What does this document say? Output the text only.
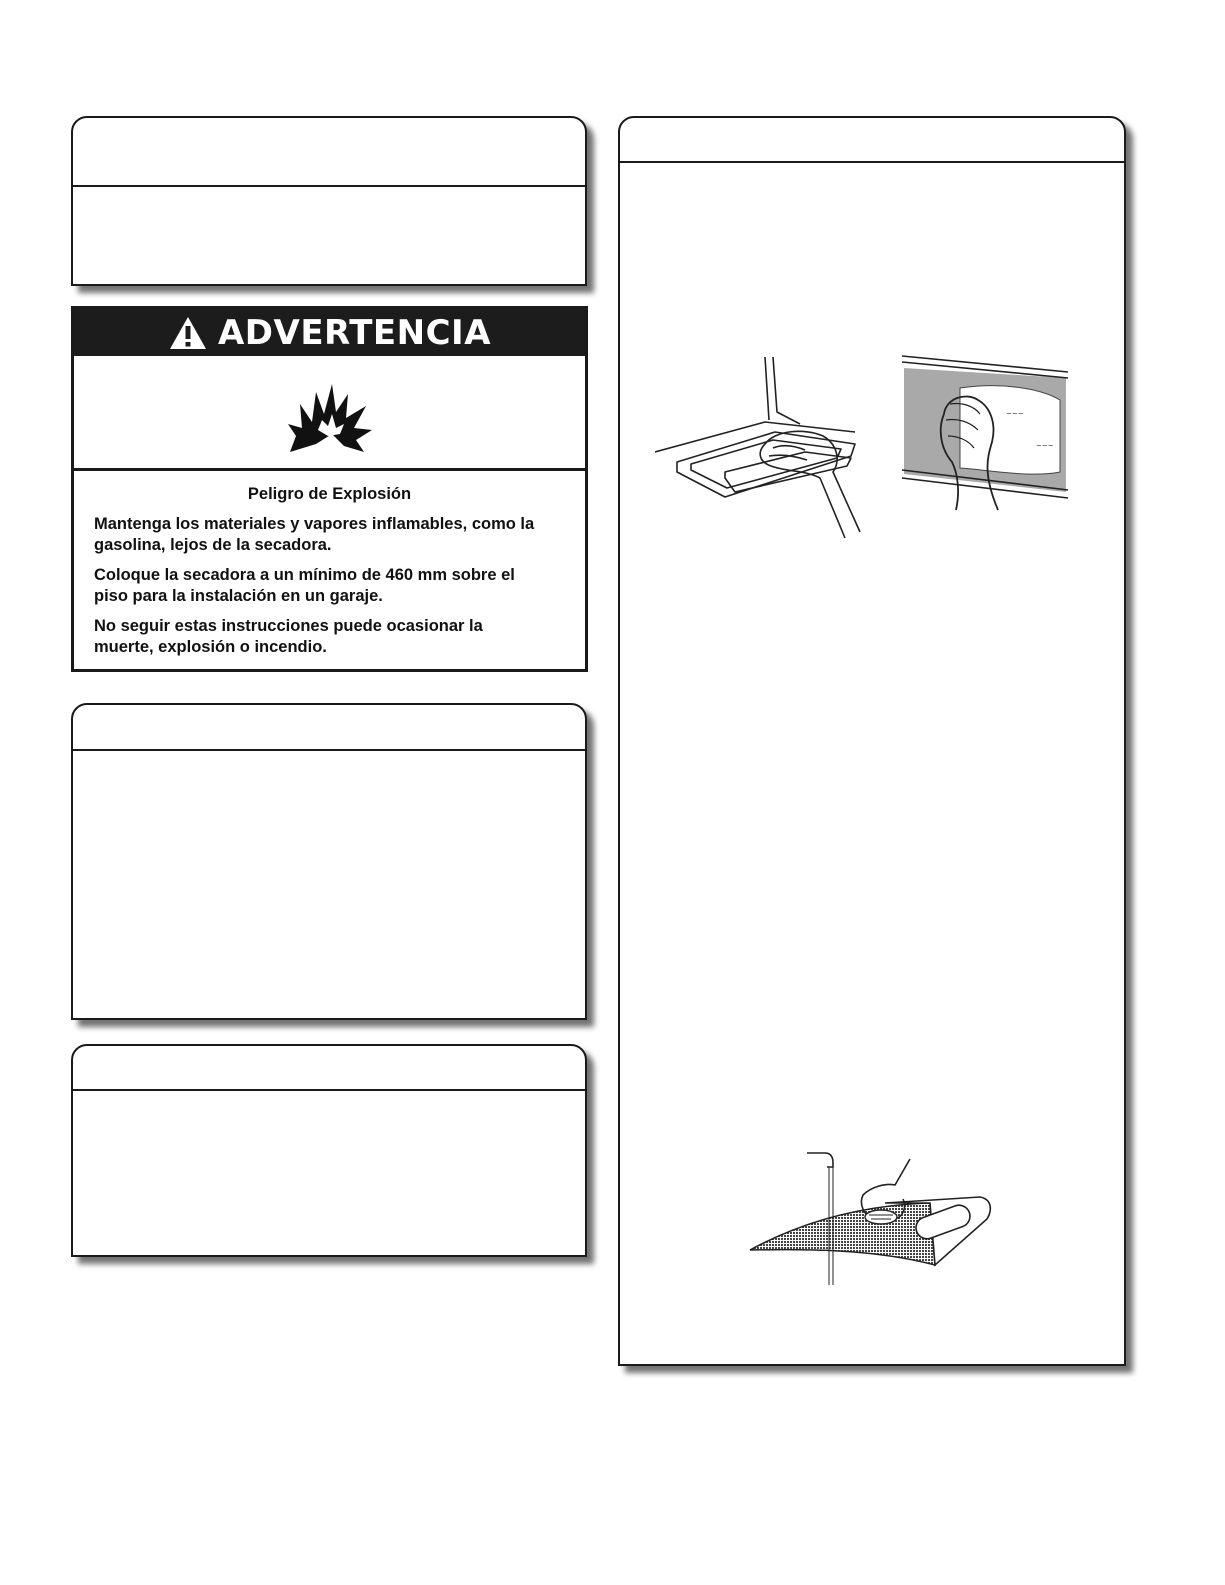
ADVERTENCIA
Peligro de Explosión

Mantenga los materiales y vapores inflamables, como la gasolina, lejos de la secadora.

Coloque la secadora a un mínimo de 460 mm sobre el piso para la instalación en un garaje.

No seguir estas instrucciones puede ocasionar la muerte, explosión o incendio.

~~~
~~~
